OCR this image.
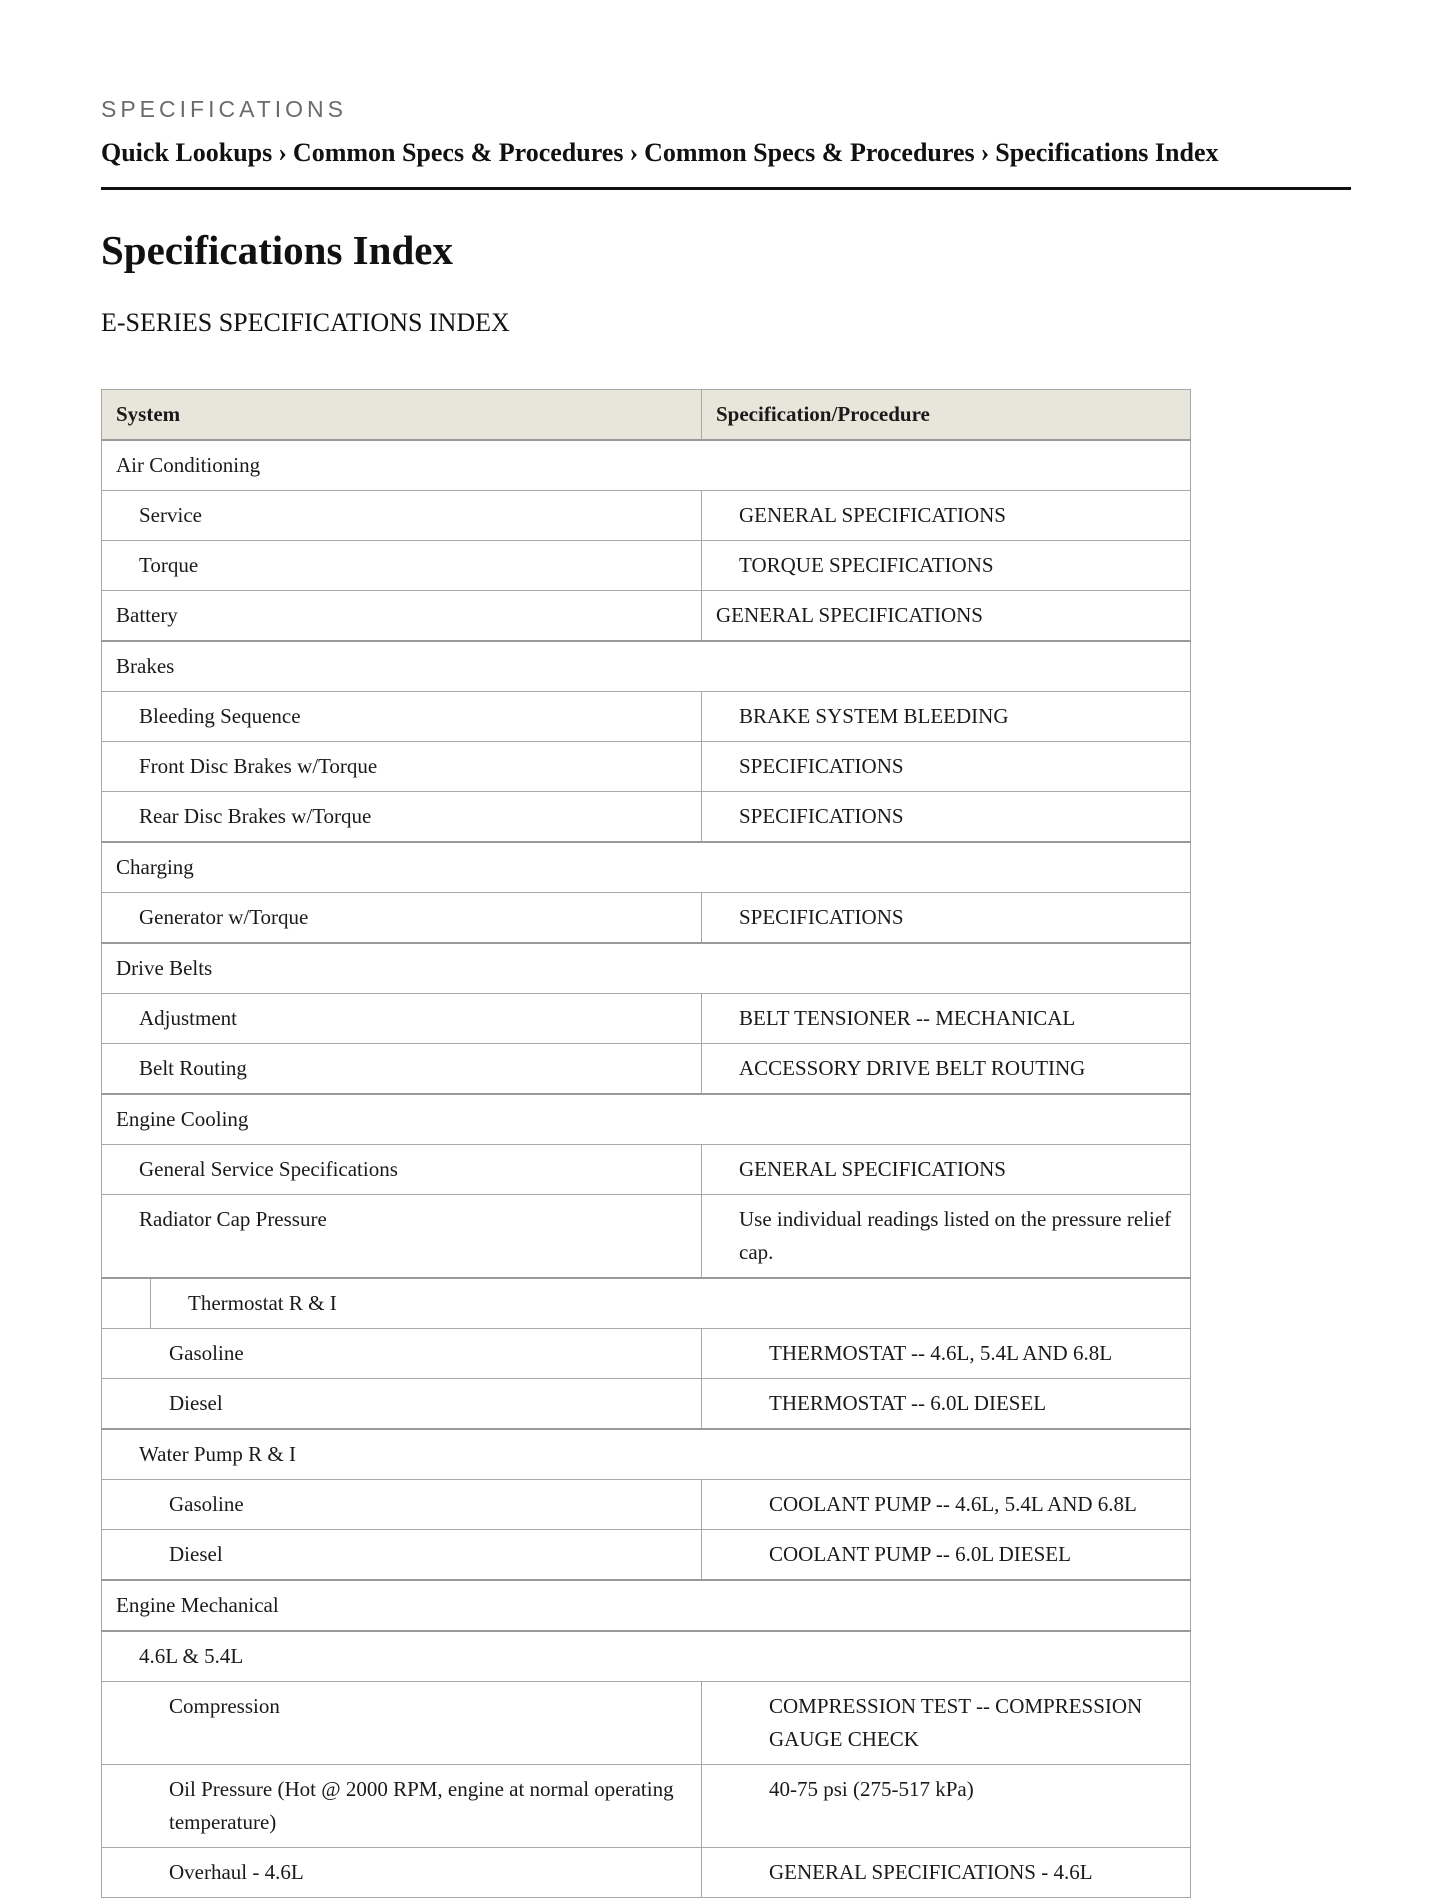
SPECIFICATIONS
Quick Lookups › Common Specs & Procedures › Common Specs & Procedures › Specifications Index
Specifications Index
E-SERIES SPECIFICATIONS INDEX
System	Specification/Procedure
Air Conditioning	
Service	GENERAL SPECIFICATIONS
Torque	TORQUE SPECIFICATIONS
Battery	GENERAL SPECIFICATIONS
Brakes	
Bleeding Sequence	BRAKE SYSTEM BLEEDING
Front Disc Brakes w/Torque	SPECIFICATIONS
Rear Disc Brakes w/Torque	SPECIFICATIONS
Charging	
Generator w/Torque	SPECIFICATIONS
Drive Belts	
Adjustment	BELT TENSIONER -- MECHANICAL
Belt Routing	ACCESSORY DRIVE BELT ROUTING
Engine Cooling	
General Service Specifications	GENERAL SPECIFICATIONS
Radiator Cap Pressure	Use individual readings listed on the pressure relief cap.

Thermostat R & I	

Gasoline	THERMOSTAT -- 4.6L, 5.4L AND 6.8L
Diesel	THERMOSTAT -- 6.0L DIESEL
Water Pump R & I	
Gasoline	COOLANT PUMP -- 4.6L, 5.4L AND 6.8L
Diesel	COOLANT PUMP -- 6.0L DIESEL
Engine Mechanical	
4.6L & 5.4L	
Compression	COMPRESSION TEST -- COMPRESSION GAUGE CHECK
Oil Pressure (Hot @ 2000 RPM, engine at normal operating temperature)	40-75 psi (275-517 kPa)
Overhaul - 4.6L	GENERAL SPECIFICATIONS - 4.6L
